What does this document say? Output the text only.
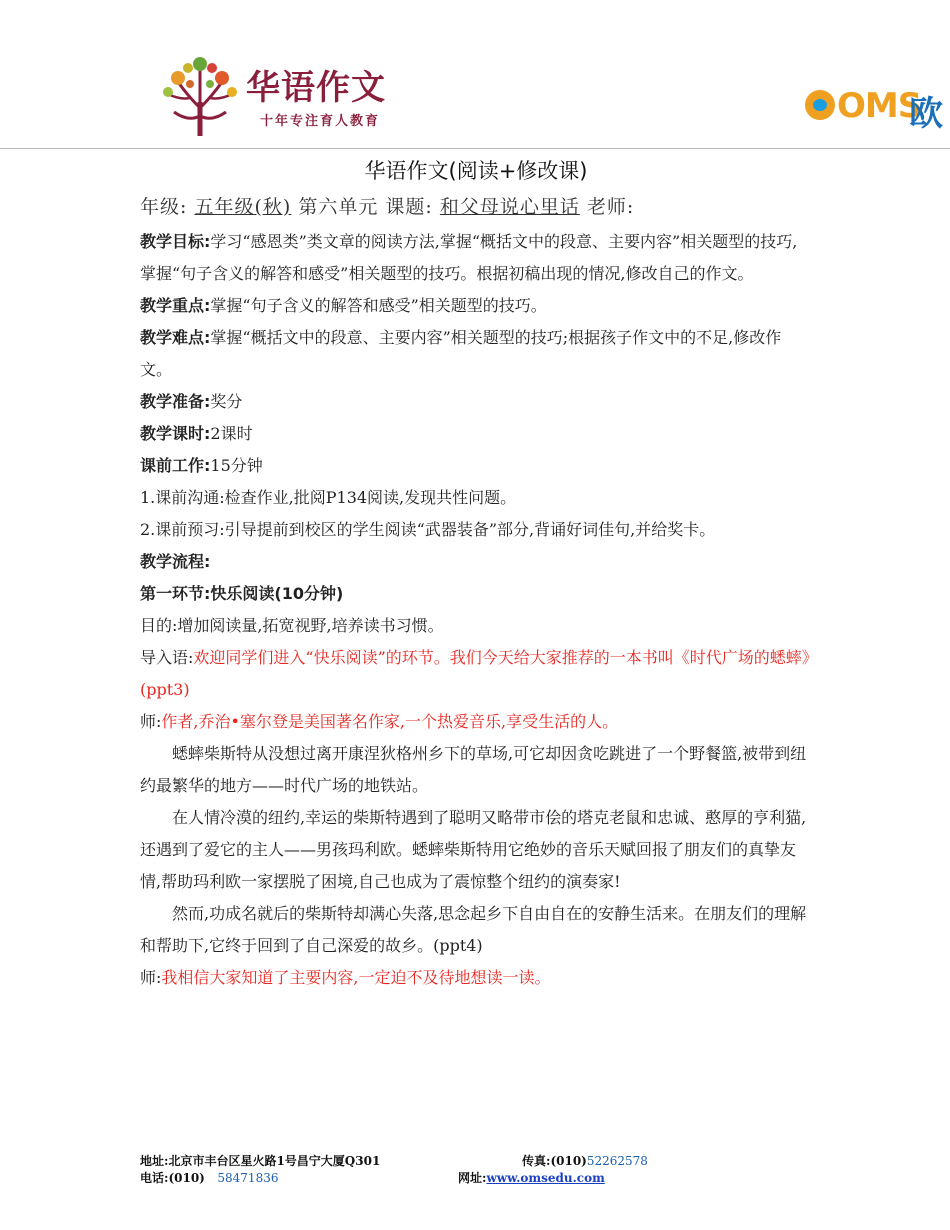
华语作文
十年专注育人教育	OMS
欧
华语作文(阅读+修改课)
年级: 五年级(秋) 第六单元 课题: 和父母说心里话 老师:

教学目标:学习“感恩类”类文章的阅读方法,掌握“概括文中的段意、主要内容”相关题型的技巧,掌握“句子含义的解答和感受”相关题型的技巧。根据初稿出现的情况,修改自己的作文。

教学重点:掌握“句子含义的解答和感受”相关题型的技巧。

教学难点:掌握“概括文中的段意、主要内容”相关题型的技巧;根据孩子作文中的不足,修改作文。

教学准备:奖分

教学课时:2课时

课前工作:15分钟

1.课前沟通:检查作业,批阅P134阅读,发现共性问题。

2.课前预习:引导提前到校区的学生阅读“武器装备”部分,背诵好词佳句,并给奖卡。

教学流程:

第一环节:快乐阅读(10分钟)

目的:增加阅读量,拓宽视野,培养读书习惯。

导入语:欢迎同学们进入“快乐阅读”的环节。我们今天给大家推荐的一本书叫《时代广场的蟋蟀》(ppt3)

师:作者,乔治•塞尔登是美国著名作家,一个热爱音乐,享受生活的人。

蟋蟀柴斯特从没想过离开康涅狄格州乡下的草场,可它却因贪吃跳进了一个野餐篮,被带到纽约最繁华的地方——时代广场的地铁站。

在人情冷漠的纽约,幸运的柴斯特遇到了聪明又略带市侩的塔克老鼠和忠诚、憨厚的亨利猫,还遇到了爱它的主人——男孩玛利欧。蟋蟀柴斯特用它绝妙的音乐天赋回报了朋友们的真挚友情,帮助玛利欧一家摆脱了困境,自己也成为了震惊整个纽约的演奏家!

然而,功成名就后的柴斯特却满心失落,思念起乡下自由自在的安静生活来。在朋友们的理解和帮助下,它终于回到了自己深爱的故乡。(ppt4)

师:我相信大家知道了主要内容,一定迫不及待地想读一读。

地址:北京市丰台区星火路1号昌宁大厦Q301	传真:(010)52262578
电话:(010) 58471836	网址:www.omsedu.com
